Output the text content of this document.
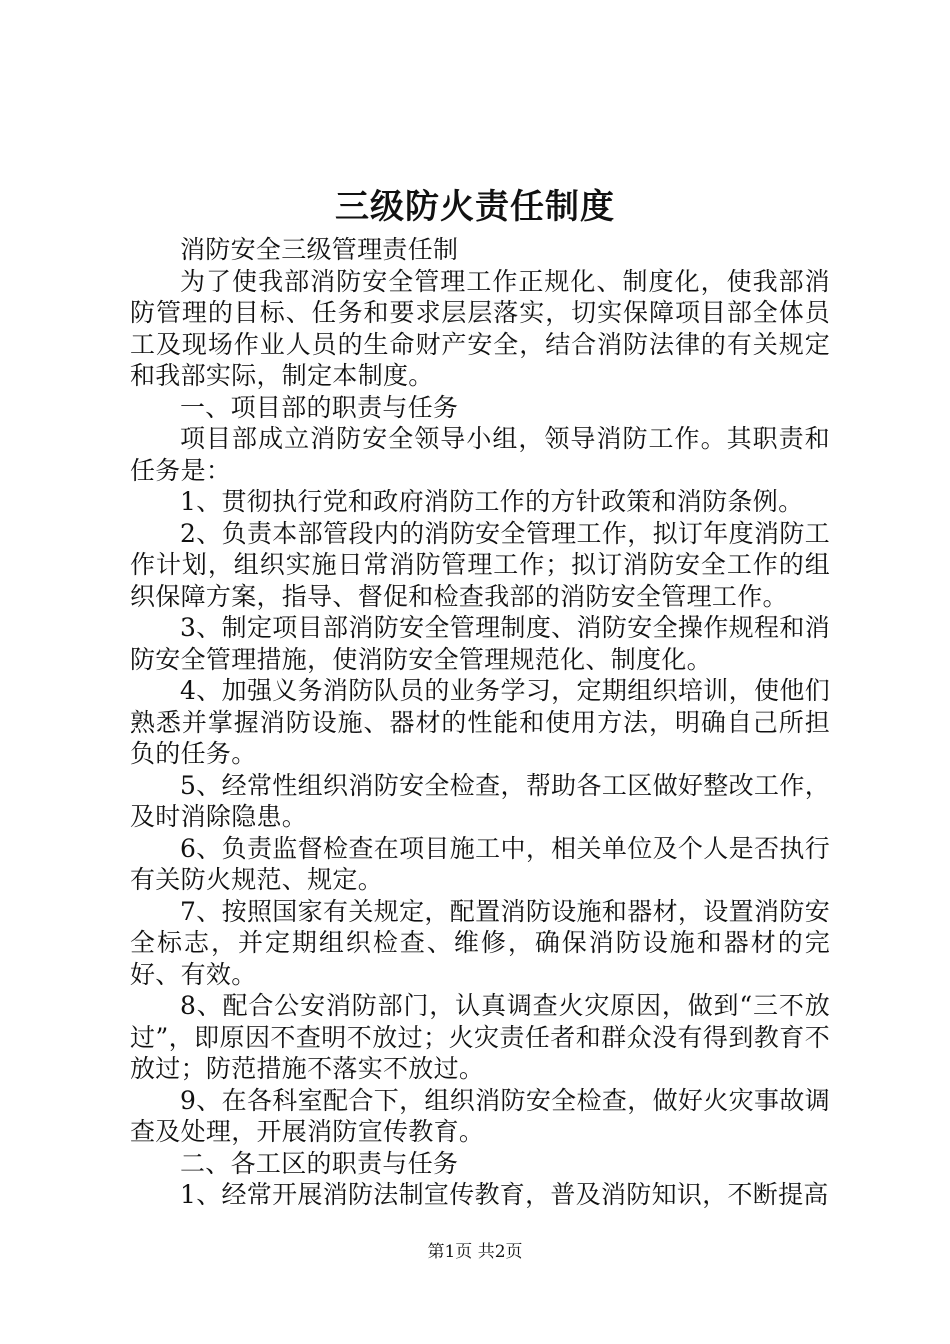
三级防火责任制度

消防安全三级管理责任制

为了使我部消防安全管理工作正规化、制度化，使我部消防管理的目标、任务和要求层层落实，切实保障项目部全体员工及现场作业人员的生命财产安全，结合消防法律的有关规定和我部实际，制定本制度。

一、项目部的职责与任务

项目部成立消防安全领导小组，领导消防工作。其职责和任务是：

1、贯彻执行党和政府消防工作的方针政策和消防条例。

2、负责本部管段内的消防安全管理工作，拟订年度消防工作计划，组织实施日常消防管理工作；拟订消防安全工作的组织保障方案，指导、督促和检查我部的消防安全管理工作。

3、制定项目部消防安全管理制度、消防安全操作规程和消防安全管理措施，使消防安全管理规范化、制度化。

4、加强义务消防队员的业务学习，定期组织培训，使他们熟悉并掌握消防设施、器材的性能和使用方法，明确自己所担负的任务。

5、经常性组织消防安全检查，帮助各工区做好整改工作，及时消除隐患。

6、负责监督检查在项目施工中，相关单位及个人是否执行有关防火规范、规定。

7、按照国家有关规定，配置消防设施和器材，设置消防安全标志，并定期组织检查、维修，确保消防设施和器材的完好、有效。

8、配合公安消防部门，认真调查火灾原因，做到“三不放过”，即原因不查明不放过；火灾责任者和群众没有得到教育不放过；防范措施不落实不放过。

9、在各科室配合下，组织消防安全检查，做好火灾事故调查及处理，开展消防宣传教育。

二、各工区的职责与任务

1、经常开展消防法制宣传教育，普及消防知识，不断提高

第1页 共2页
